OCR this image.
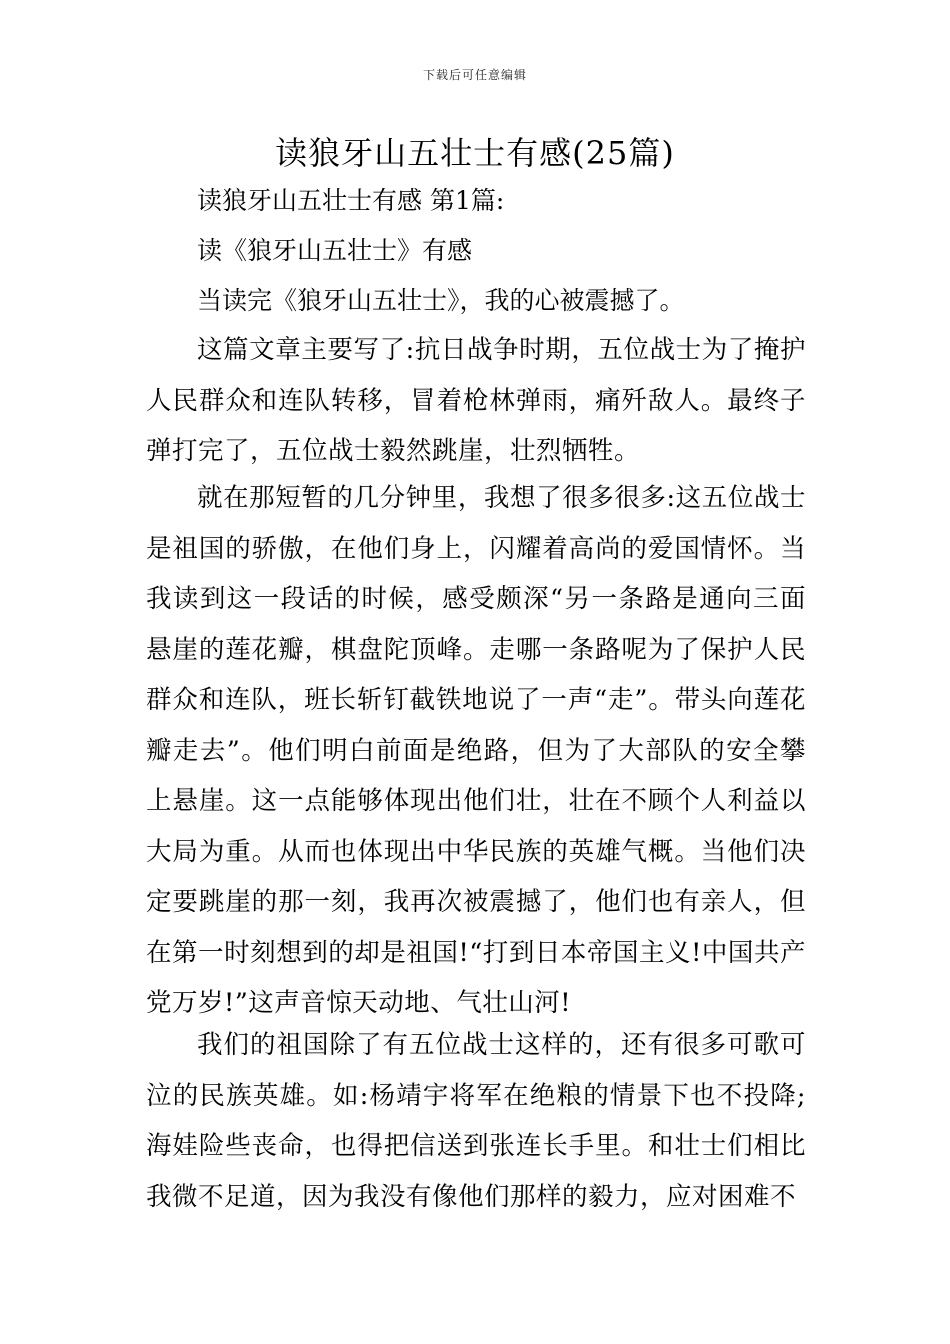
下载后可任意编辑
读狼牙山五壮士有感(25篇)
读狼牙山五壮士有感 第1篇:
读《狼牙山五壮士》有感
当读完《狼牙山五壮士》，我的心被震撼了。

这篇文章主要写了:抗日战争时期，五位战士为了掩护人民群众和连队转移，冒着枪林弹雨，痛歼敌人。最终子弹打完了，五位战士毅然跳崖，壮烈牺牲。

就在那短暂的几分钟里，我想了很多很多:这五位战士是祖国的骄傲，在他们身上，闪耀着高尚的爱国情怀。当我读到这一段话的时候，感受颇深“另一条路是通向三面悬崖的莲花瓣，棋盘陀顶峰。走哪一条路呢为了保护人民群众和连队，班长斩钉截铁地说了一声“走”。带头向莲花瓣走去”。他们明白前面是绝路，但为了大部队的安全攀上悬崖。这一点能够体现出他们壮，壮在不顾个人利益以大局为重。从而也体现出中华民族的英雄气概。当他们决定要跳崖的那一刻，我再次被震撼了，他们也有亲人，但在第一时刻想到的却是祖国!“打到日本帝国主义!中国共产党万岁!”这声音惊天动地、气壮山河!

我们的祖国除了有五位战士这样的，还有很多可歌可泣的民族英雄。如:杨靖宇将军在绝粮的情景下也不投降;海娃险些丧命，也得把信送到张连长手里。和壮士们相比我微不足道，因为我没有像他们那样的毅力，应对困难不
